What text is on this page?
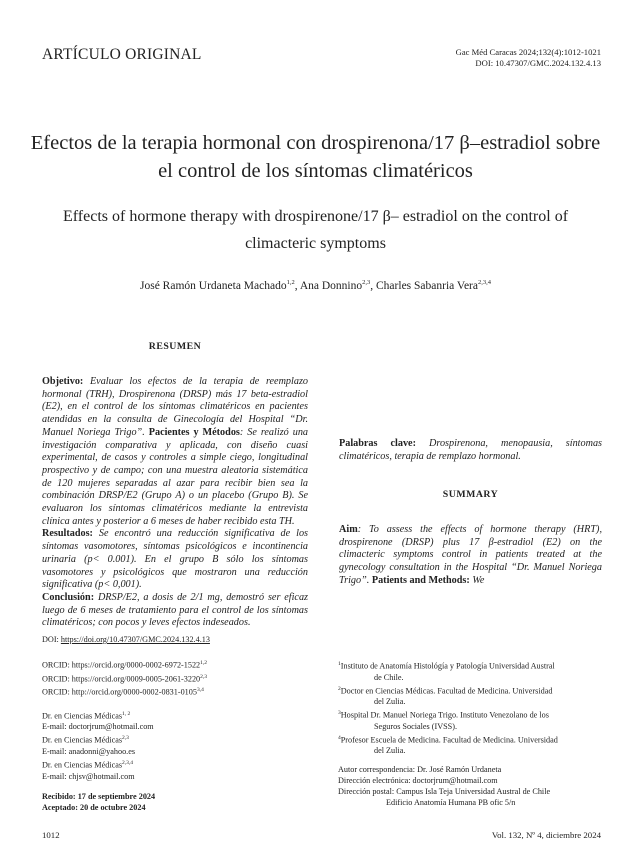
ARTÍCULO ORIGINAL	Gac Méd Caracas 2024;132(4):1012-1021
DOI: 10.47307/GMC.2024.132.4.13
Efectos de la terapia hormonal con drospirenona/17 β–estradiol sobre el control de los síntomas climatéricos
Effects of hormone therapy with drospirenone/17 β– estradiol on the control of climacteric symptoms
José Ramón Urdaneta Machado$^{1,2}$, Ana Donnino$^{2,3}$, Charles Sabanria Vera$^{2,3,4}$
RESUMEN
Objetivo: Evaluar los efectos de la terapia de reemplazo hormonal (TRH), Drospirenona (DRSP) más 17 beta-estradiol (E2), en el control de los síntomas climatéricos en pacientes atendidas en la consulta de Ginecología del Hospital “Dr. Manuel Noriega Trigo”. Pacientes y Métodos: Se realizó una investigación comparativa y aplicada, con diseño cuasi experimental, de casos y controles a simple ciego, longitudinal prospectivo y de campo; con una muestra aleatoria sistemática de 120 mujeres separadas al azar para recibir bien sea la combinación DRSP/E2 (Grupo A) o un placebo (Grupo B). Se evaluaron los síntomas climatéricos mediante la entrevista clínica antes y posterior a 6 meses de haber recibido esta TH.
Resultados: Se encontró una reducción significativa de los síntomas vasomotores, síntomas psicológicos e incontinencia urinaria (p< 0.001). En el grupo B sólo los síntomas vasomotores y psicológicos que mostraron una reducción significativa (p< 0,001).
Conclusión: DRSP/E2, a dosis de 2/1 mg, demostró ser eficaz luego de 6 meses de tratamiento para el control de los síntomas climatéricos; con pocos y leves efectos indeseados.
Palabras clave: Drospirenona, menopausia, síntomas climatéricos, terapia de remplazo hormonal.
SUMMARY
Aim: To assess the effects of hormone therapy (HRT), drospirenone (DRSP) plus 17 β-estradiol (E2) on the climacteric symptoms control in patients treated at the gynecology consultation in the Hospital “Dr. Manuel Noriega Trigo”. Patients and Methods: We
DOI: https://doi.org/10.47307/GMC.2024.132.4.13
ORCID: https://orcid.org/0000-0002-6972-1522$^{1,2}$
ORCID: https://orcid.org/0009-0005-2061-3220$^{2,3}$
ORCID: http://orcid.org/0000-0002-0831-0105$^{3,4}$
Dr. en Ciencias Médicas$^{1, 2}$
E-mail: doctorjrum@hotmail.com
Dr. en Ciencias Médicas$^{2,3}$
E-mail: anadonni@yahoo.es
Dr. en Ciencias Médicas$^{2,3,4}$
E-mail: chjsv@hotmail.com
Recibido: 17 de septiembre 2024
Aceptado: 20 de octubre 2024
$^1$Instituto de Anatomía Histológía y Patología Universidad Austral
de Chile.
$^2$Doctor en Ciencias Médicas. Facultad de Medicina. Universidad
del Zulia.
$^3$Hospital Dr. Manuel Noriega Trigo. Instituto Venezolano de los
Seguros Sociales (IVSS).
$^4$Profesor Escuela de Medicina. Facultad de Medicina. Universidad
del Zulia.
Autor correspondencia: Dr. José Ramón Urdaneta
Dirección electrónica: doctorjrum@hotmail.com
Dirección postal: Campus Isla Teja Universidad Austral de Chile
Edificio Anatomía Humana PB ofic 5/n
1012	Vol. 132, Nº 4, diciembre 2024
